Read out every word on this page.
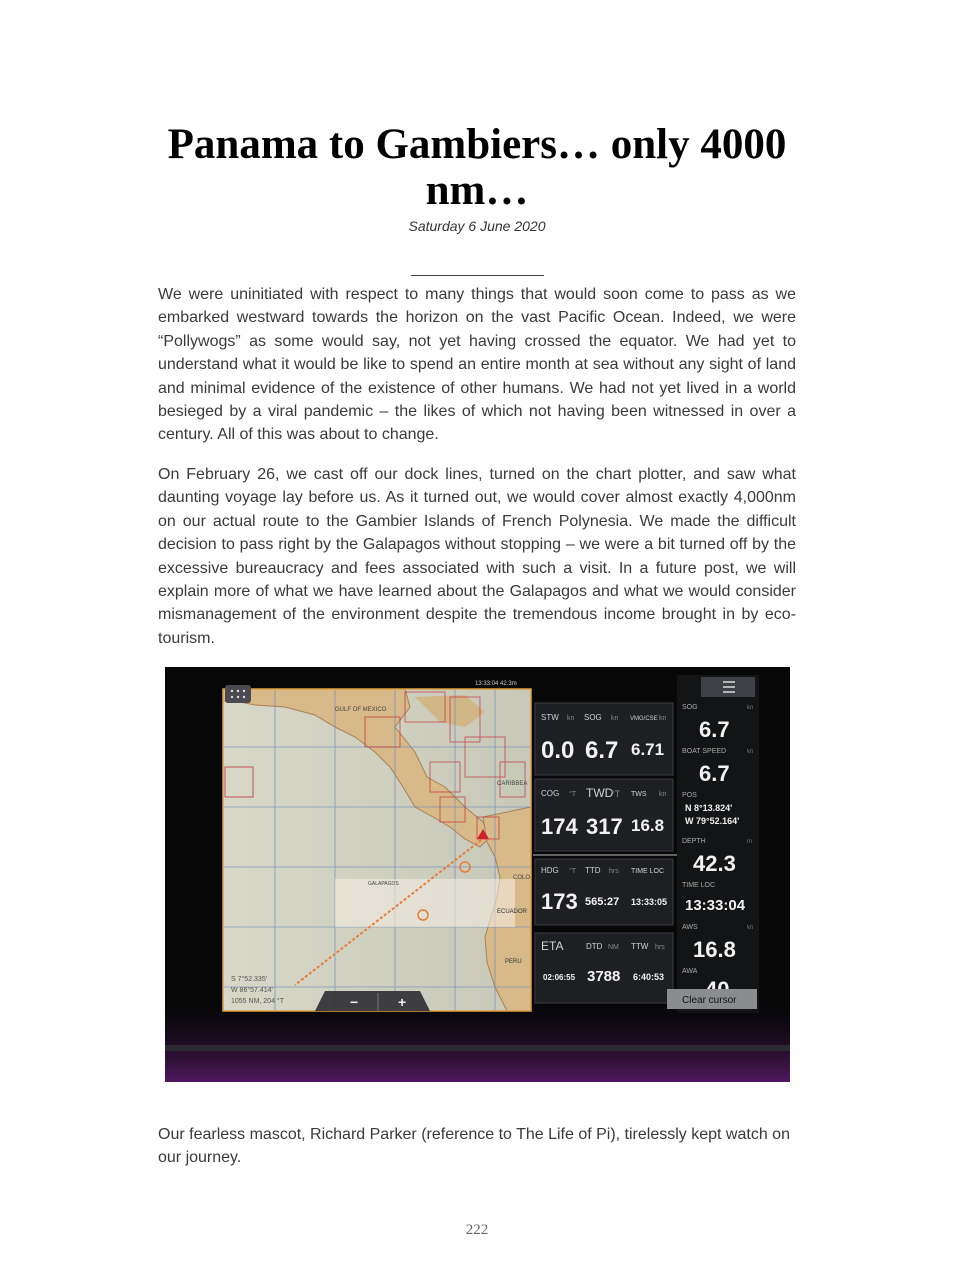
Panama to Gambiers… only 4000 nm…
Saturday 6 June 2020

We were uninitiated with respect to many things that would soon come to pass as we embarked westward towards the horizon on the vast Pacific Ocean. Indeed, we were “Pollywogs” as some would say, not yet having crossed the equator. We had yet to understand what it would be like to spend an entire month at sea without any sight of land and minimal evidence of the existence of other humans. We had not yet lived in a world besieged by a viral pandemic – the likes of which not having been witnessed in over a century. All of this was about to change.

On February 26, we cast off our dock lines, turned on the chart plotter, and saw what daunting voyage lay before us. As it turned out, we would cover almost exactly 4,000nm on our actual route to the Gambier Islands of French Polynesia. We made the difficult decision to pass right by the Galapagos without stopping – we were a bit turned off by the excessive bureaucracy and fees associated with such a visit. In a future post, we will explain more of what we have learned about the Galapagos and what we would consider mismanagement of the environment despite the tremendous income brought in by eco-tourism.

13:33:04 42.3m
GULF OF MEXICO
CARIBBEA
GALAPAGOS
COLO
ECUADOR
PERU
S 7°52.335'
W 86°57.414'
1055 NM, 204 °T	−	+
STW kn SOG kn VMG/CSE kn
0.0 6.7 6.71
COG °T TWD
°T TWS kn
174 317 16.8
HDG °T TTD hrs TIME LOC
173 565:27 13:33:05
ETA	DTD NM TTW hrs
02:06:55 3788 6:40:53
SOG	kn
6.7
BOAT SPEED	kn
6.7
POS
N 8°13.824'
W 79°52.164'
DEPTH	m
42.3
TIME LOC
13:33:04
AWS	kn
16.8
AWA
Clear cursor

Our fearless mascot, Richard Parker (reference to The Life of Pi), tirelessly kept watch on our journey.

222
